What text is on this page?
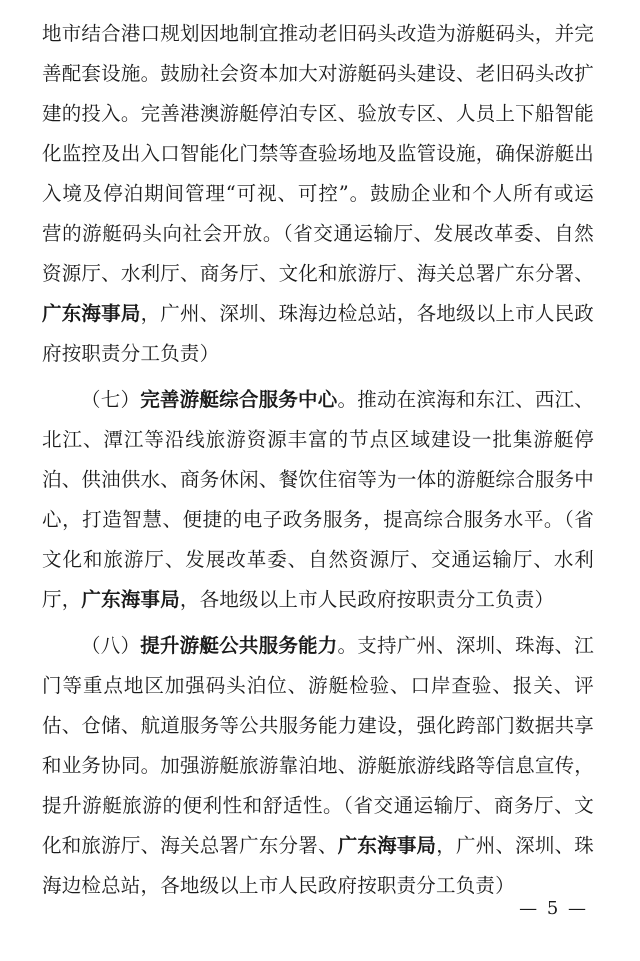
地市结合港口规划因地制宜推动老旧码头改造为游艇码头，并完善配套设施。鼓励社会资本加大对游艇码头建设、老旧码头改扩建的投入。完善港澳游艇停泊专区、验放专区、人员上下船智能化监控及出入口智能化门禁等查验场地及监管设施，确保游艇出入境及停泊期间管理“可视、可控”。鼓励企业和个人所有或运营的游艇码头向社会开放。（省交通运输厅、发展改革委、自然资源厅、水利厅、商务厅、文化和旅游厅、海关总署广东分署、广东海事局，广州、深圳、珠海边检总站，各地级以上市人民政府按职责分工负责）

（七）完善游艇综合服务中心。推动在滨海和东江、西江、北江、潭江等沿线旅游资源丰富的节点区域建设一批集游艇停泊、供油供水、商务休闲、餐饮住宿等为一体的游艇综合服务中心，打造智慧、便捷的电子政务服务，提高综合服务水平。（省文化和旅游厅、发展改革委、自然资源厅、交通运输厅、水利厅，广东海事局，各地级以上市人民政府按职责分工负责）

（八）提升游艇公共服务能力。支持广州、深圳、珠海、江门等重点地区加强码头泊位、游艇检验、口岸查验、报关、评估、仓储、航道服务等公共服务能力建设，强化跨部门数据共享和业务协同。加强游艇旅游靠泊地、游艇旅游线路等信息宣传，提升游艇旅游的便利性和舒适性。（省交通运输厅、商务厅、文化和旅游厅、海关总署广东分署、广东海事局，广州、深圳、珠海边检总站，各地级以上市人民政府按职责分工负责）

— 5 —
